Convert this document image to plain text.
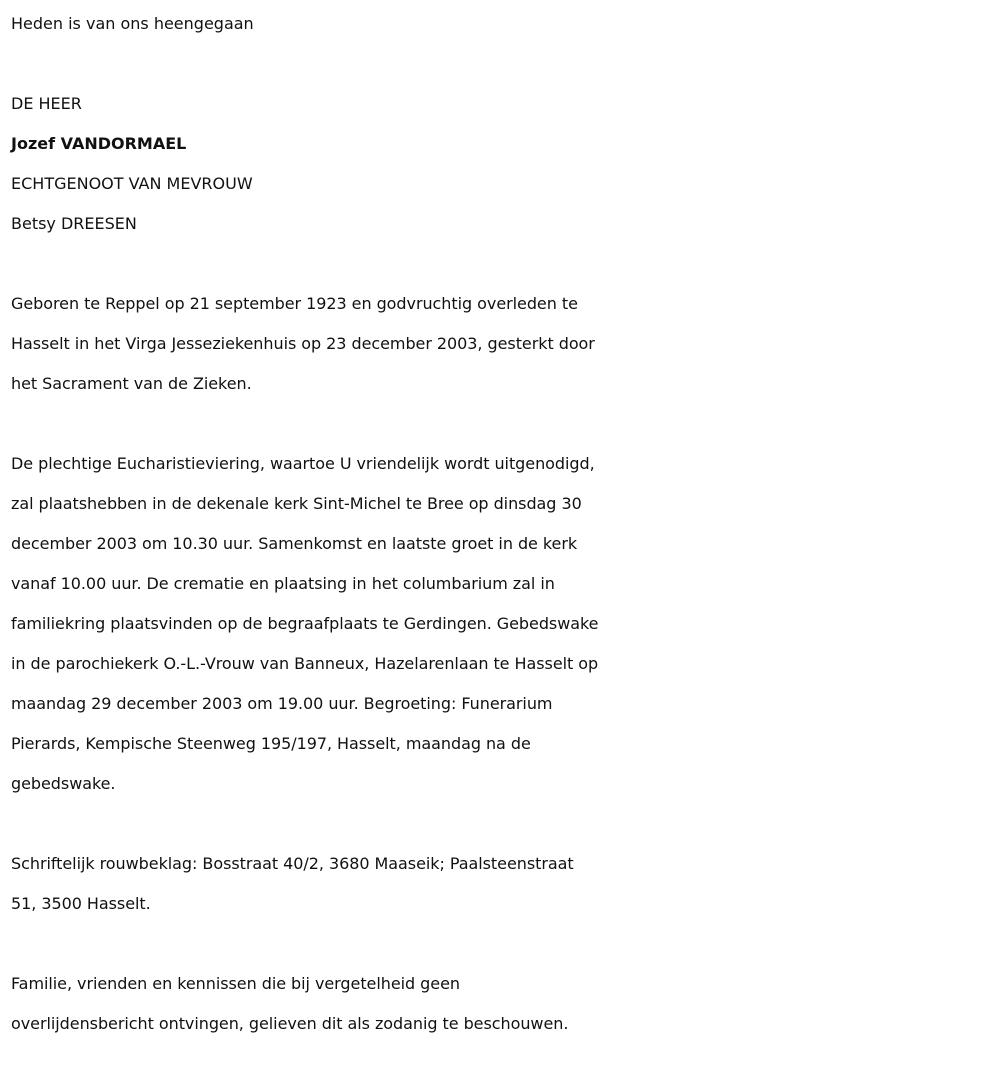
Heden is van ons heengegaan

DE HEER

Jozef VANDORMAEL

ECHTGENOOT VAN MEVROUW

Betsy DREESEN

Geboren te Reppel op 21 september 1923 en godvruchtig overleden te

Hasselt in het Virga Jesseziekenhuis op 23 december 2003, gesterkt door

het Sacrament van de Zieken.

De plechtige Eucharistieviering, waartoe U vriendelijk wordt uitgenodigd,

zal plaatshebben in de dekenale kerk Sint-Michel te Bree op dinsdag 30

december 2003 om 10.30 uur. Samenkomst en laatste groet in de kerk

vanaf 10.00 uur. De crematie en plaatsing in het columbarium zal in

familiekring plaatsvinden op de begraafplaats te Gerdingen. Gebedswake

in de parochiekerk O.-L.-Vrouw van Banneux, Hazelarenlaan te Hasselt op

maandag 29 december 2003 om 19.00 uur. Begroeting: Funerarium

Pierards, Kempische Steenweg 195/197, Hasselt, maandag na de

gebedswake.

Schriftelijk rouwbeklag: Bosstraat 40/2, 3680 Maaseik; Paalsteenstraat

51, 3500 Hasselt.

Familie, vrienden en kennissen die bij vergetelheid geen

overlijdensbericht ontvingen, gelieven dit als zodanig te beschouwen.
